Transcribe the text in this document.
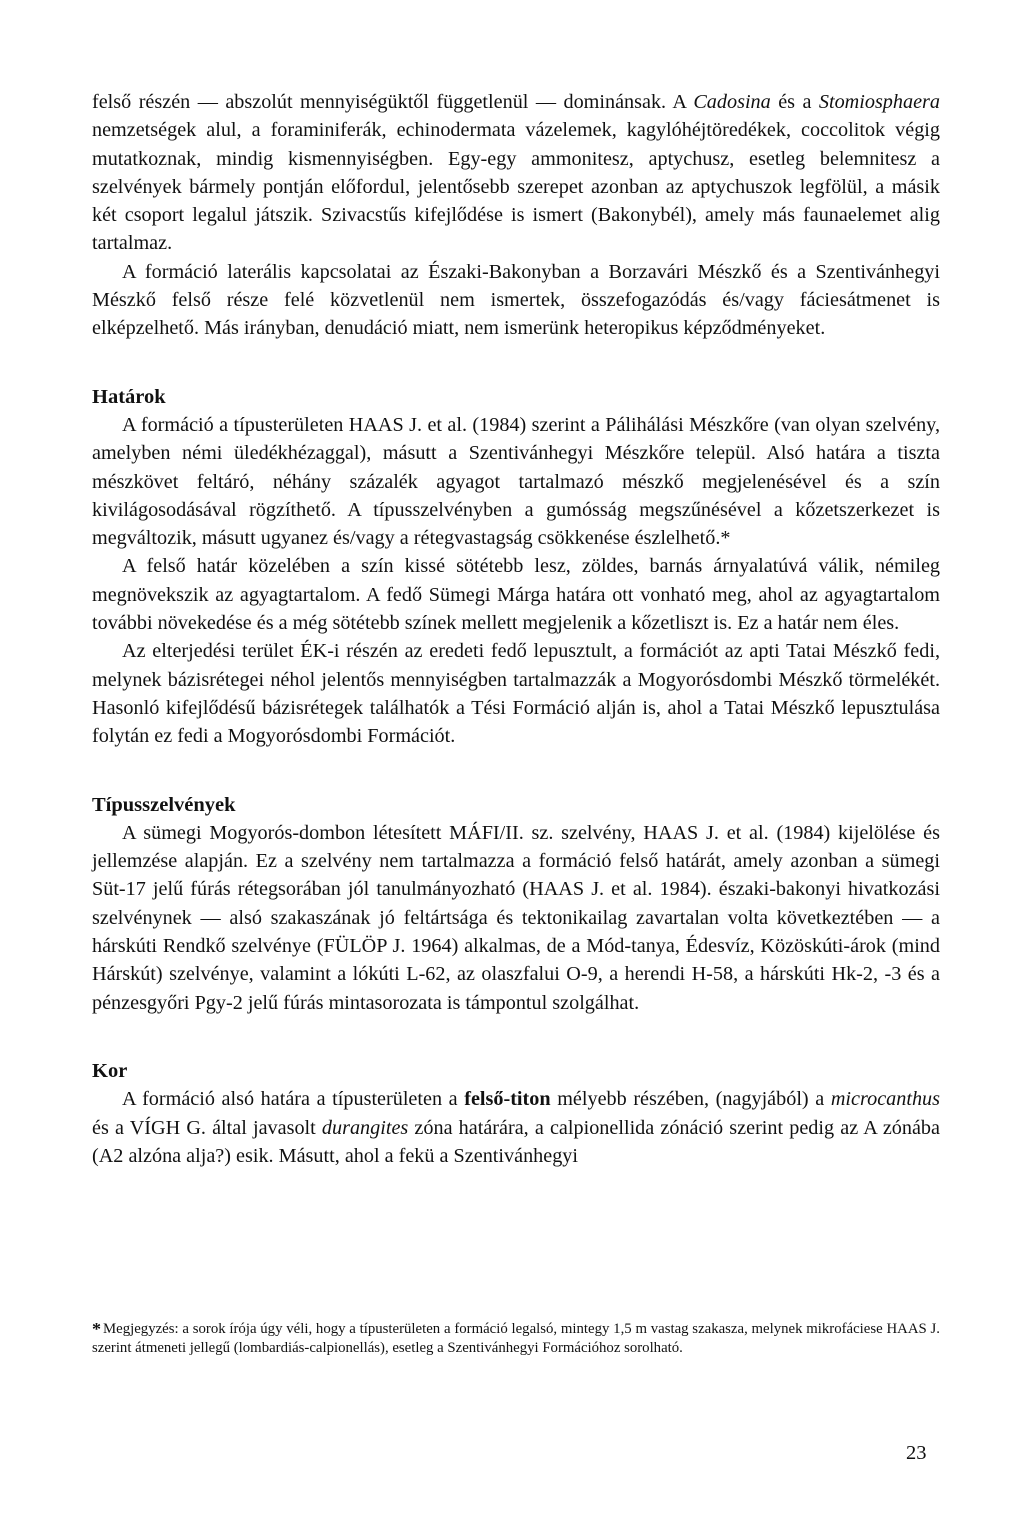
felső részén — abszolút mennyiségüktől függetlenül — dominánsak. A Cadosina és a Stomiosphaera nemzetségek alul, a foraminiferák, echinodermata vázelemek, kagylóhéjtöredékek, coccolitok végig mutatkoznak, mindig kismennyiségben. Egy-egy ammonitesz, aptychusz, esetleg belemnitesz a szelvények bármely pontján előfordul, jelentősebb szerepet azonban az aptychuszok legfölül, a másik két csoport legalul játszik. Szivacstűs kifejlődése is ismert (Bakonybél), amely más faunaelemet alig tartalmaz.

A formáció laterális kapcsolatai az Északi-Bakonyban a Borzavári Mészkő és a Szentivánhegyi Mészkő felső része felé közvetlenül nem ismertek, összefogazódás és/vagy fáciesátmenet is elképzelhető. Más irányban, denudáció miatt, nem ismerünk heteropikus képződményeket.

Határok

A formáció a típusterületen HAAS J. et al. (1984) szerint a Pálihálási Mészkőre (van olyan szelvény, amelyben némi üledékhézaggal), másutt a Szentivánhegyi Mészkőre települ. Alsó határa a tiszta mészkövet feltáró, néhány százalék agyagot tartalmazó mészkő megjelenésével és a szín kivilágosodásával rögzíthető. A típusszelvényben a gumósság megszűnésével a kőzetszerkezet is megváltozik, másutt ugyanez és/vagy a rétegvastagság csökkenése észlelhető.*

A felső határ közelében a szín kissé sötétebb lesz, zöldes, barnás árnyalatúvá válik, némileg megnövekszik az agyagtartalom. A fedő Sümegi Márga határa ott vonható meg, ahol az agyagtartalom további növekedése és a még sötétebb színek mellett megjelenik a kőzetliszt is. Ez a határ nem éles.

Az elterjedési terület ÉK-i részén az eredeti fedő lepusztult, a formációt az apti Tatai Mészkő fedi, melynek bázisrétegei néhol jelentős mennyiségben tartalmazzák a Mogyorósdombi Mészkő törmelékét. Hasonló kifejlődésű bázisrétegek találhatók a Tési Formáció alján is, ahol a Tatai Mészkő lepusztulása folytán ez fedi a Mogyorósdombi Formációt.

Típusszelvények

A sümegi Mogyorós-dombon létesített MÁFI/II. sz. szelvény, HAAS J. et al. (1984) kijelölése és jellemzése alapján. Ez a szelvény nem tartalmazza a formáció felső határát, amely azonban a sümegi Süt-17 jelű fúrás rétegsorában jól tanulmányozható (HAAS J. et al. 1984). északi-bakonyi hivatkozási szelvénynek — alsó szakaszának jó feltártsága és tektonikailag zavartalan volta következtében — a hárskúti Rendkő szelvénye (FÜLÖP J. 1964) alkalmas, de a Mód-tanya, Édesvíz, Közöskúti-árok (mind Hárskút) szelvénye, valamint a lókúti L-62, az olaszfalui O-9, a herendi H-58, a hárskúti Hk-2, -3 és a pénzesgyőri Pgy-2 jelű fúrás mintasorozata is támpontul szolgálhat.

Kor

A formáció alsó határa a típusterületen a felső-titon mélyebb részében, (nagyjából) a microcanthus és a VÍGH G. által javasolt durangites zóna határára, a calpionellida zónáció szerint pedig az A zónába (A2 alzóna alja?) esik. Másutt, ahol a fekü a Szentivánhegyi

* Megjegyzés: a sorok írója úgy véli, hogy a típusterületen a formáció legalsó, mintegy 1,5 m vastag szakasza, melynek mikrofáciese HAAS J. szerint átmeneti jellegű (lombardiás-calpionellás), esetleg a Szentivánhegyi Formációhoz sorolható.
23
